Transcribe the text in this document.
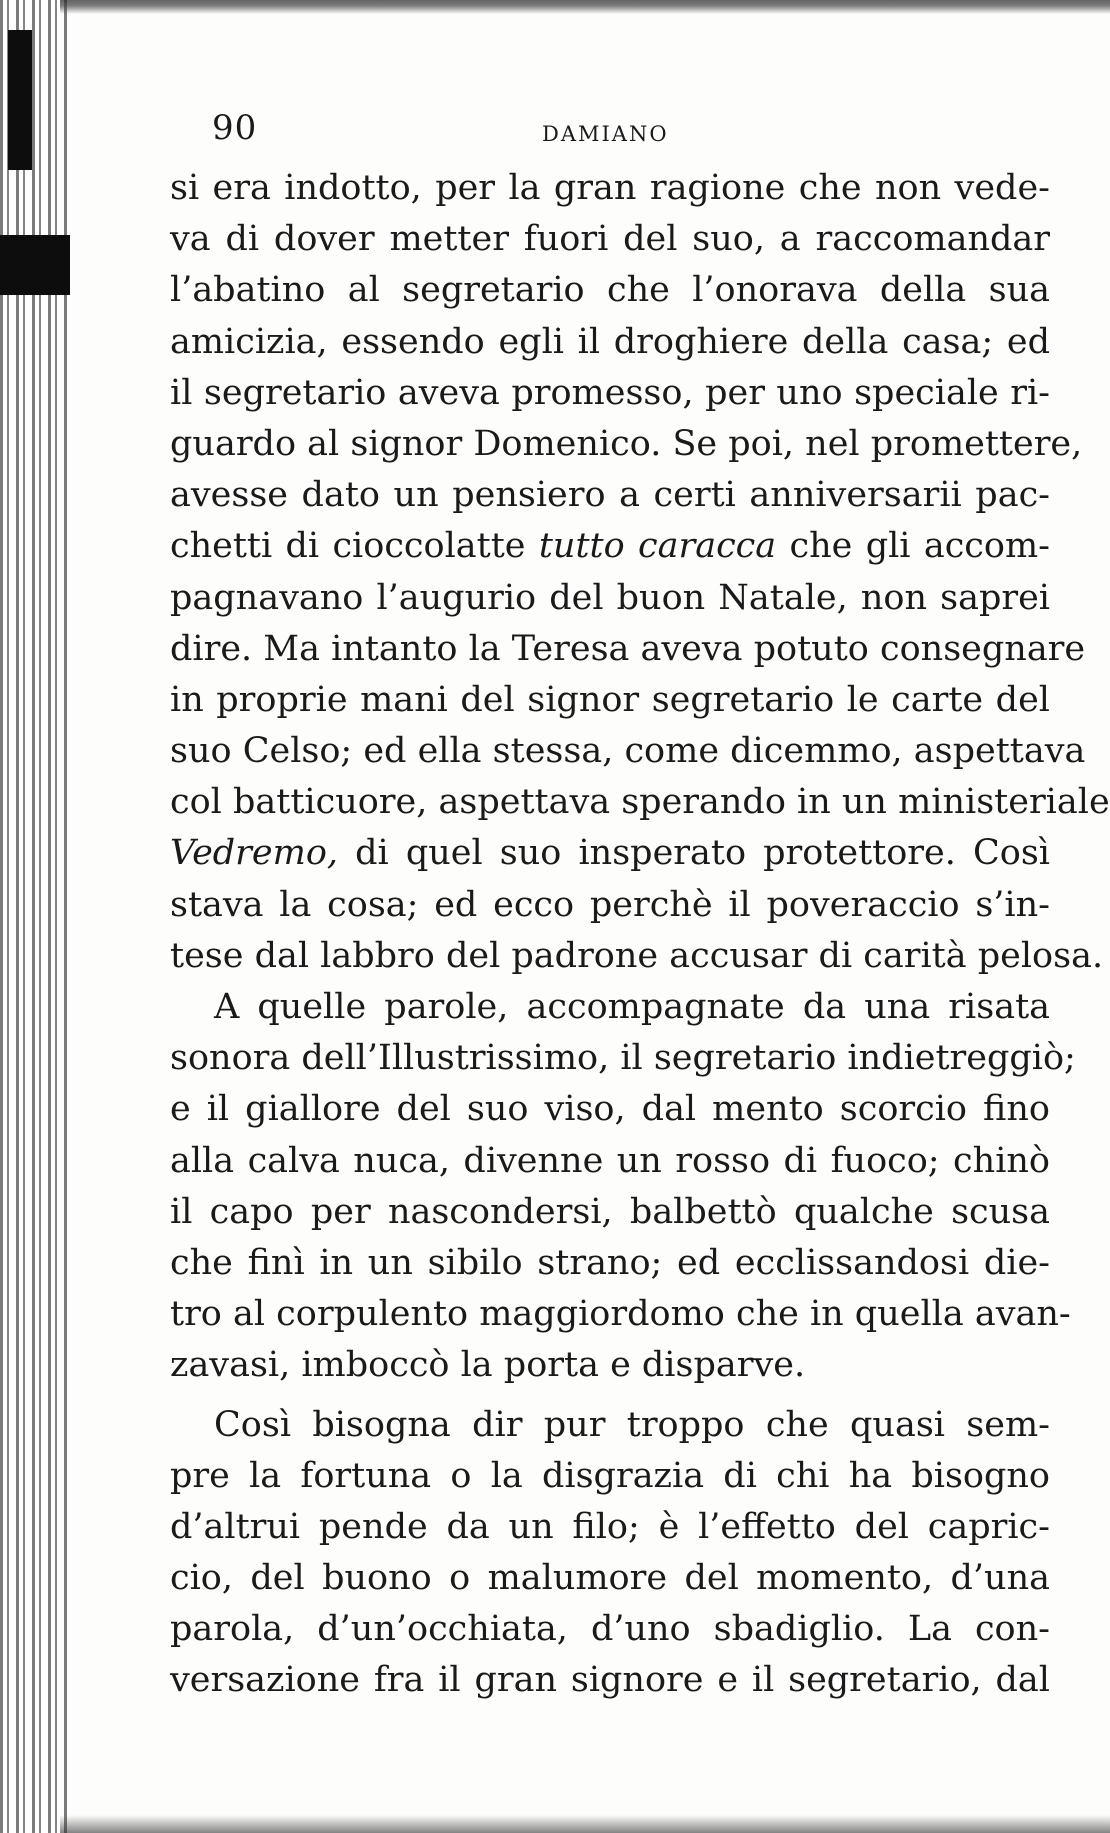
90	DAMIANO
si era indotto, per la gran ragione che non vede-
va di dover metter fuori del suo, a raccomandar
l’abatino al segretario che l’onorava della sua
amicizia, essendo egli il droghiere della casa; ed
il segretario aveva promesso, per uno speciale ri-
guardo al signor Domenico. Se poi, nel promettere,
avesse dato un pensiero a certi anniversarii pac-
chetti di cioccolatte tutto caracca che gli accom-
pagnavano l’augurio del buon Natale, non saprei
dire. Ma intanto la Teresa aveva potuto consegnare
in proprie mani del signor segretario le carte del
suo Celso; ed ella stessa, come dicemmo, aspettava
col batticuore, aspettava sperando in un ministeriale
Vedremo, di quel suo insperato protettore. Così
stava la cosa; ed ecco perchè il poveraccio s’in-
tese dal labbro del padrone accusar di carità pelosa.
A quelle parole, accompagnate da una risata
sonora dell’Illustrissimo, il segretario indietreggiò;
e il giallore del suo viso, dal mento scorcio fino
alla calva nuca, divenne un rosso di fuoco; chinò
il capo per nascondersi, balbettò qualche scusa
che finì in un sibilo strano; ed ecclissandosi die-
tro al corpulento maggiordomo che in quella avan-
zavasi, imboccò la porta e disparve.
Così bisogna dir pur troppo che quasi sem-
pre la fortuna o la disgrazia di chi ha bisogno
d’altrui pende da un filo; è l’effetto del capric-
cio, del buono o malumore del momento, d’una
parola, d’un’occhiata, d’uno sbadiglio. La con-
versazione fra il gran signore e il segretario, dal
